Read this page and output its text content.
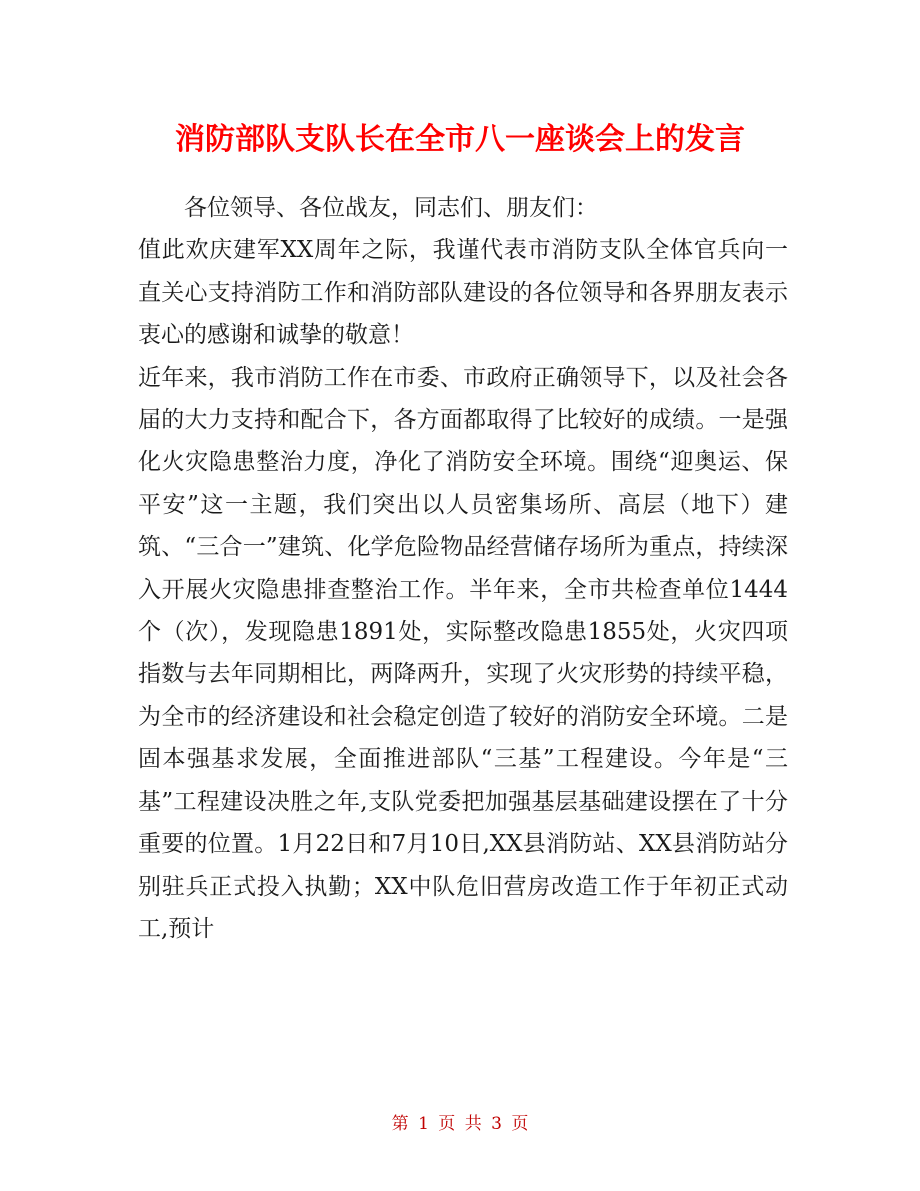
消防部队支队长在全市八一座谈会上的发言

各位领导、各位战友，同志们、朋友们：

值此欢庆建军XX周年之际，我谨代表市消防支队全体官兵向一直关心支持消防工作和消防部队建设的各位领导和各界朋友表示衷心的感谢和诚挚的敬意！

近年来，我市消防工作在市委、市政府正确领导下，以及社会各届的大力支持和配合下，各方面都取得了比较好的成绩。一是强化火灾隐患整治力度，净化了消防安全环境。围绕“迎奥运、保平安”这一主题，我们突出以人员密集场所、高层（地下）建筑、“三合一”建筑、化学危险物品经营储存场所为重点，持续深入开展火灾隐患排查整治工作。半年来，全市共检查单位1444个（次），发现隐患1891处，实际整改隐患1855处，火灾四项指数与去年同期相比，两降两升，实现了火灾形势的持续平稳，为全市的经济建设和社会稳定创造了较好的消防安全环境。二是固本强基求发展，全面推进部队“三基”工程建设。今年是“三基”工程建设决胜之年,支队党委把加强基层基础建设摆在了十分重要的位置。1月22日和7月10日,XX县消防站、XX县消防站分别驻兵正式投入执勤；XX中队危旧营房改造工作于年初正式动工,预计

第 1 页 共 3 页
